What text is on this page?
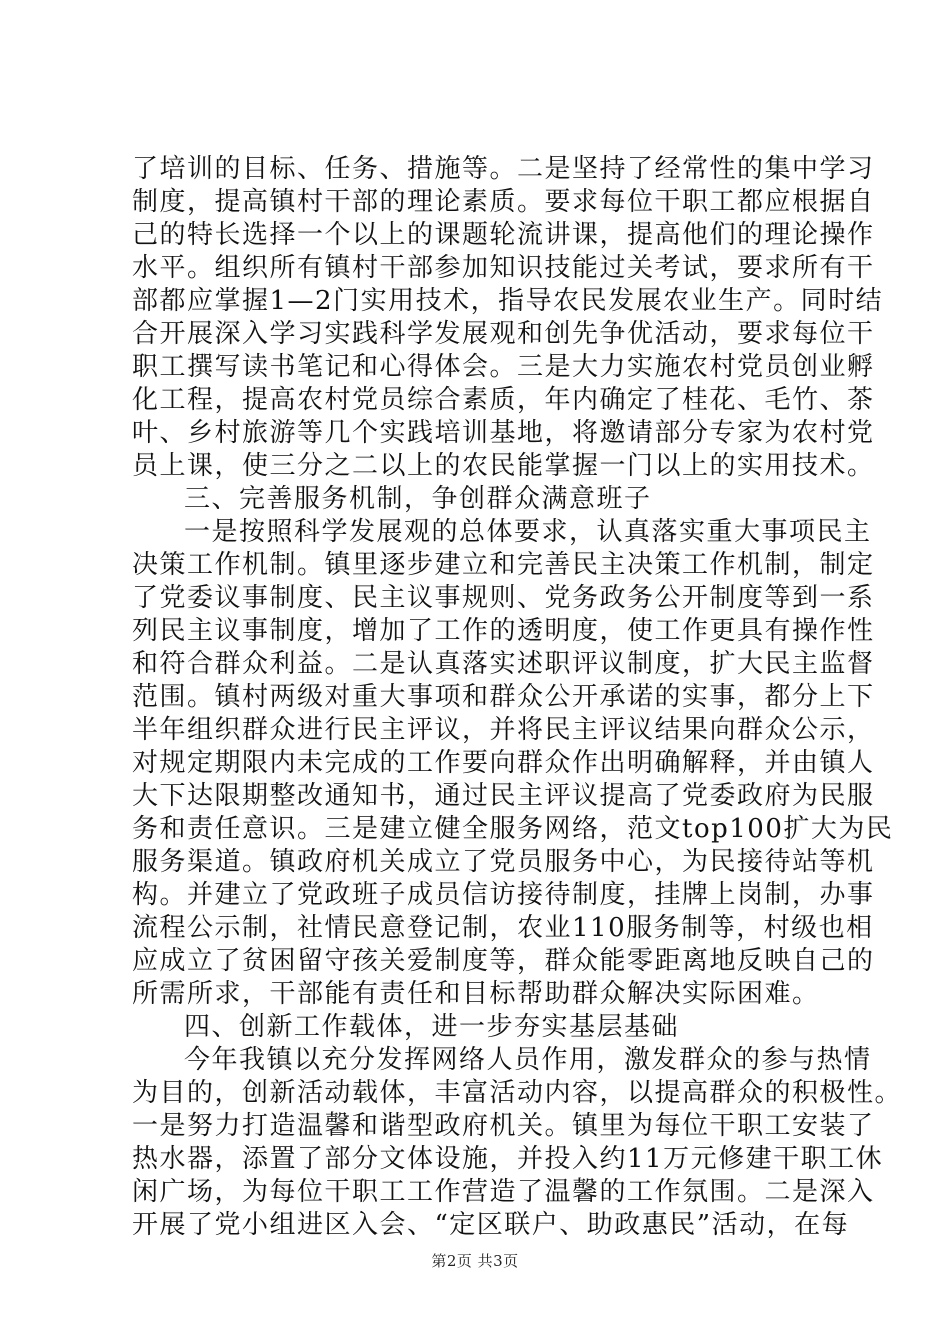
了培训的目标、任务、措施等。二是坚持了经常性的集中学习
制度，提高镇村干部的理论素质。要求每位干职工都应根据自
己的特长选择一个以上的课题轮流讲课，提高他们的理论操作
水平。组织所有镇村干部参加知识技能过关考试，要求所有干
部都应掌握1—2门实用技术，指导农民发展农业生产。同时结
合开展深入学习实践科学发展观和创先争优活动，要求每位干
职工撰写读书笔记和心得体会。三是大力实施农村党员创业孵
化工程，提高农村党员综合素质，年内确定了桂花、毛竹、茶
叶、乡村旅游等几个实践培训基地，将邀请部分专家为农村党
员上课，使三分之二以上的农民能掌握一门以上的实用技术。
三、完善服务机制，争创群众满意班子
一是按照科学发展观的总体要求，认真落实重大事项民主
决策工作机制。镇里逐步建立和完善民主决策工作机制，制定
了党委议事制度、民主议事规则、党务政务公开制度等到一系
列民主议事制度，增加了工作的透明度，使工作更具有操作性
和符合群众利益。二是认真落实述职评议制度，扩大民主监督
范围。镇村两级对重大事项和群众公开承诺的实事，都分上下
半年组织群众进行民主评议，并将民主评议结果向群众公示，
对规定期限内未完成的工作要向群众作出明确解释，并由镇人
大下达限期整改通知书，通过民主评议提高了党委政府为民服
务和责任意识。三是建立健全服务网络，范文top100扩大为民
服务渠道。镇政府机关成立了党员服务中心，为民接待站等机
构。并建立了党政班子成员信访接待制度，挂牌上岗制，办事
流程公示制，社情民意登记制，农业110服务制等，村级也相
应成立了贫困留守孩关爱制度等，群众能零距离地反映自己的
所需所求，干部能有责任和目标帮助群众解决实际困难。
四、创新工作载体，进一步夯实基层基础
今年我镇以充分发挥网络人员作用，激发群众的参与热情
为目的，创新活动载体，丰富活动内容，以提高群众的积极性。
一是努力打造温馨和谐型政府机关。镇里为每位干职工安装了
热水器，添置了部分文体设施，并投入约11万元修建干职工休
闲广场，为每位干职工工作营造了温馨的工作氛围。二是深入
开展了党小组进区入会、“定区联户、助政惠民”活动，在每
第2页 共3页
